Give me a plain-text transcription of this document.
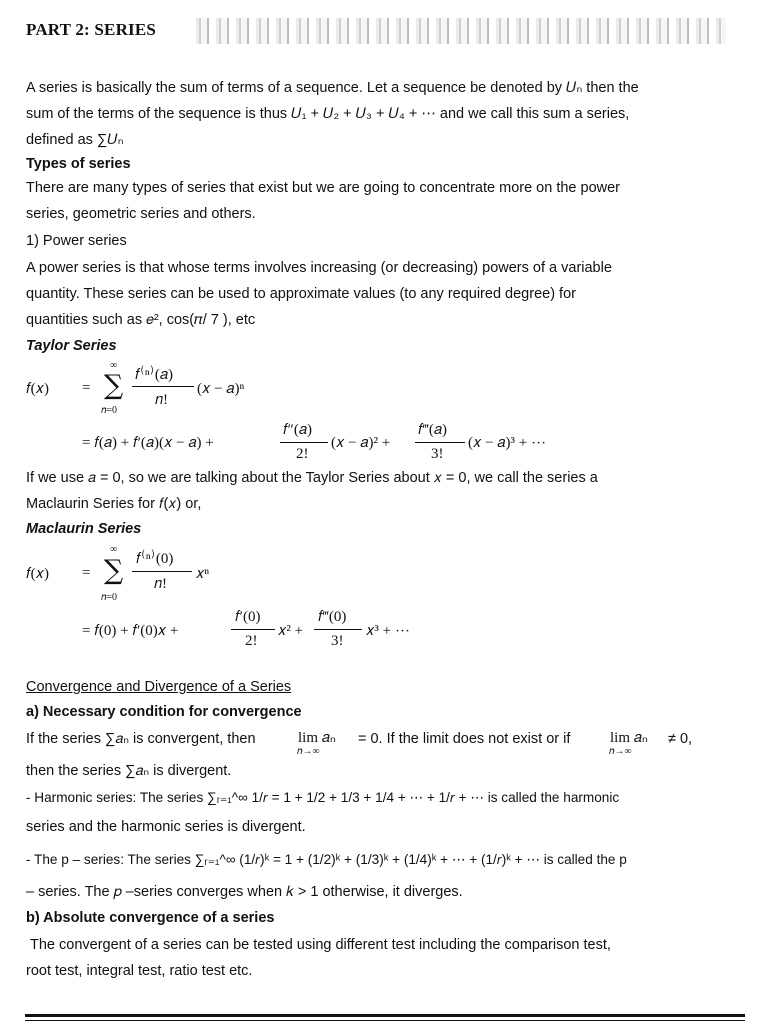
PART 2: SERIES
A series is basically the sum of terms of a sequence. Let a sequence be denoted by 𝑈ₙ then the
sum of the terms of the sequence is thus 𝑈₁ + 𝑈₂ + 𝑈₃ + 𝑈₄ + ⋯ and we call this sum a series,
defined as ∑𝑈ₙ
Types of series
There are many types of series that exist but we are going to concentrate more on the power
series, geometric series and others.
1) Power series
A power series is that whose terms involves increasing (or decreasing) powers of a variable
quantity. These series can be used to approximate values (to any required degree) for
quantities such as 𝑒², cos(𝜋/ 7 ), etc
Taylor Series
𝑓(𝑥) =
∞
∑
𝑛=0
𝑓⁽ⁿ⁾(𝑎)
𝑛!
(𝑥 − 𝑎)ⁿ
= 𝑓(𝑎) + 𝑓′(𝑎)(𝑥 − 𝑎) +
𝑓″(𝑎)
2!
(𝑥 − 𝑎)² +
𝑓‴(𝑎)
3!
(𝑥 − 𝑎)³ + ⋯
If we use 𝑎 = 0, so we are talking about the Taylor Series about 𝑥 = 0, we call the series a
Maclaurin Series for 𝑓(𝑥) or,
Maclaurin Series
𝑓(𝑥) =
∞
∑
𝑛=0
𝑓⁽ⁿ⁾(0)
𝑛!
𝑥ⁿ
= 𝑓(0) + 𝑓′(0)𝑥 +
𝑓′(0)
2!
𝑥² +
𝑓‴(0)
3!
𝑥³ + ⋯
Convergence and Divergence of a Series
a) Necessary condition for convergence
If the series ∑𝑎ₙ is convergent, then	lim 𝑎ₙ
𝑛→∞
= 0. If the limit does not exist or if	lim 𝑎ₙ
𝑛→∞
≠ 0,
then the series ∑𝑎ₙ is divergent.
- Harmonic series: The series ∑ᵣ₌₁^∞ 1/𝑟 = 1 + 1/2 + 1/3 + 1/4 + ⋯ + 1/𝑟 + ⋯ is called the harmonic
series and the harmonic series is divergent.
- The p – series: The series ∑ᵣ₌₁^∞ (1/𝑟)ᵏ = 1 + (1/2)ᵏ + (1/3)ᵏ + (1/4)ᵏ + ⋯ + (1/𝑟)ᵏ + ⋯ is called the p
– series. The 𝑝 –series converges when 𝑘 > 1 otherwise, it diverges.
b) Absolute convergence of a series
The convergent of a series can be tested using different test including the comparison test,
root test, integral test, ratio test etc.
